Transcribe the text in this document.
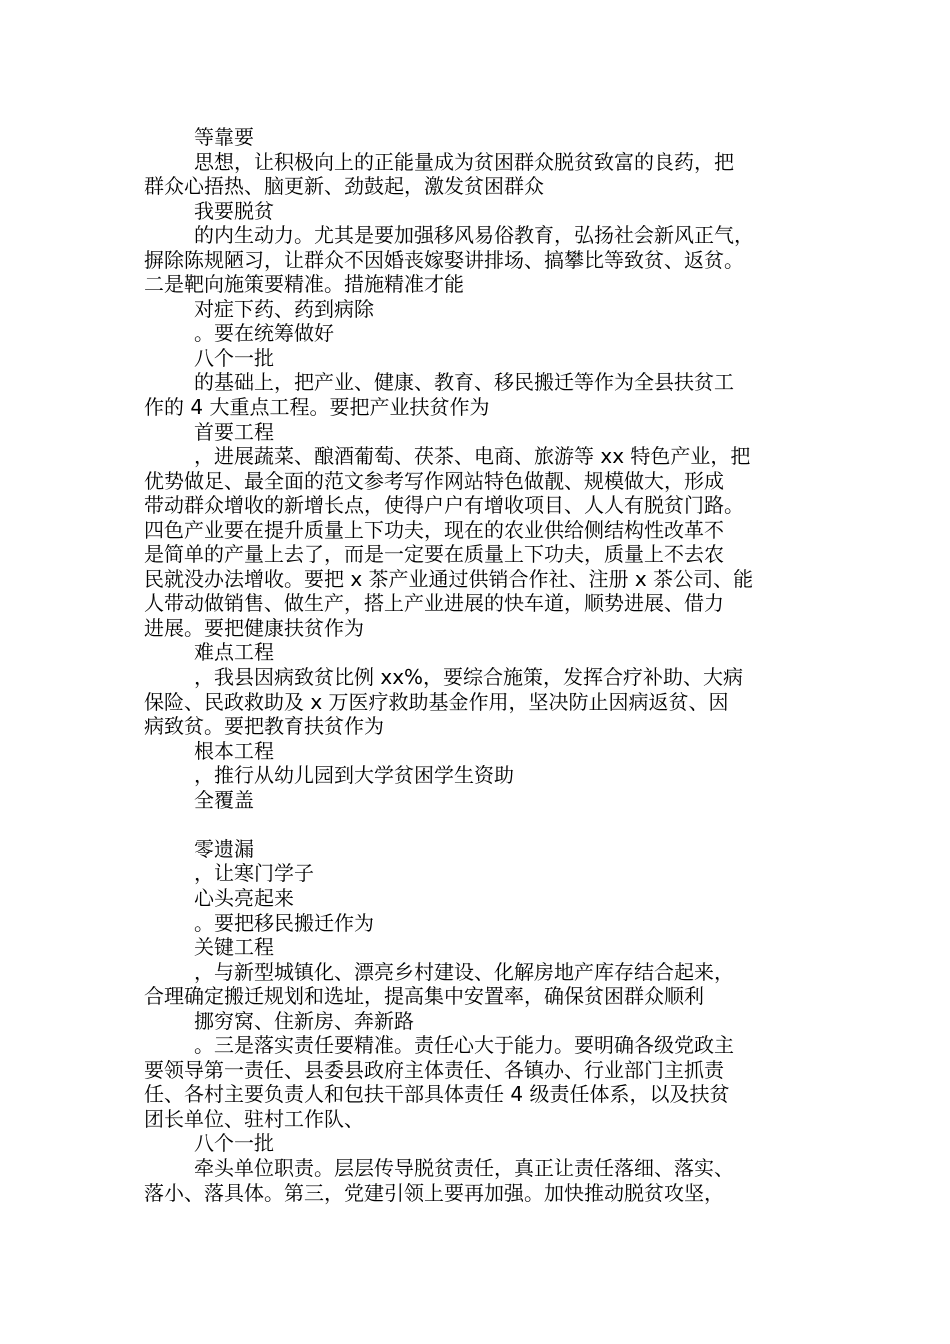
等靠要
思想，让积极向上的正能量成为贫困群众脱贫致富的良药，把
群众心捂热、脑更新、劲鼓起，激发贫困群众
我要脱贫
的内生动力。尤其是要加强移风易俗教育，弘扬社会新风正气，
摒除陈规陋习，让群众不因婚丧嫁娶讲排场、搞攀比等致贫、返贫。
二是靶向施策要精准。措施精准才能
对症下药、药到病除
。要在统筹做好
八个一批
的基础上，把产业、健康、教育、移民搬迁等作为全县扶贫工
作的 4 大重点工程。要把产业扶贫作为
首要工程
，进展蔬菜、酿酒葡萄、茯茶、电商、旅游等 xx 特色产业，把
优势做足、最全面的范文参考写作网站特色做靓、规模做大，形成
带动群众增收的新增长点，使得户户有增收项目、人人有脱贫门路。
四色产业要在提升质量上下功夫，现在的农业供给侧结构性改革不
是简单的产量上去了，而是一定要在质量上下功夫，质量上不去农
民就没办法增收。要把 x 茶产业通过供销合作社、注册 x 茶公司、能
人带动做销售、做生产，搭上产业进展的快车道，顺势进展、借力
进展。要把健康扶贫作为
难点工程
，我县因病致贫比例 xx%，要综合施策，发挥合疗补助、大病
保险、民政救助及 x 万医疗救助基金作用，坚决防止因病返贫、因
病致贫。要把教育扶贫作为
根本工程
，推行从幼儿园到大学贫困学生资助
全覆盖
零遗漏
，让寒门学子
心头亮起来
。要把移民搬迁作为
关键工程
，与新型城镇化、漂亮乡村建设、化解房地产库存结合起来，
合理确定搬迁规划和选址，提高集中安置率，确保贫困群众顺利
挪穷窝、住新房、奔新路
。三是落实责任要精准。责任心大于能力。要明确各级党政主
要领导第一责任、县委县政府主体责任、各镇办、行业部门主抓责
任、各村主要负责人和包扶干部具体责任 4 级责任体系，以及扶贫
团长单位、驻村工作队、
八个一批
牵头单位职责。层层传导脱贫责任，真正让责任落细、落实、
落小、落具体。第三，党建引领上要再加强。加快推动脱贫攻坚，
